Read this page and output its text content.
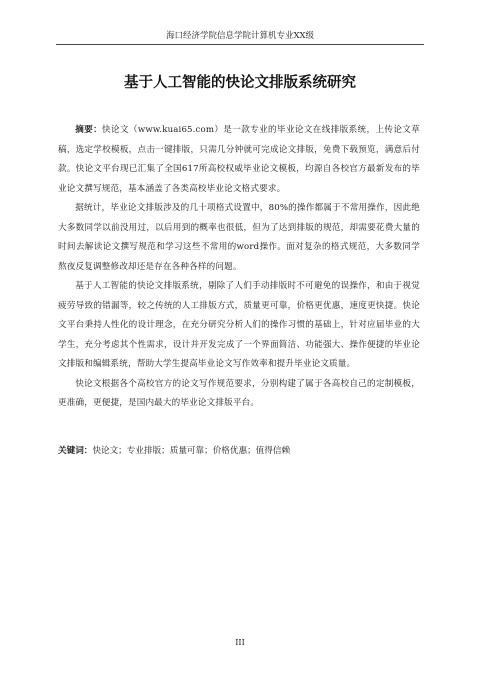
海口经济学院信息学院计算机专业XX级
基于人工智能的快论文排版系统研究

摘要：快论文（www.kuai65.com）是一款专业的毕业论文在线排版系统，上传论文草稿，选定学校模板，点击一键排版，只需几分钟就可完成论文排版，免费下载预览，满意后付款。快论文平台现已汇集了全国617所高校权威毕业论文模板，均源自各校官方最新发布的毕业论文撰写规范，基本涵盖了各类高校毕业论文格式要求。

据统计，毕业论文排版涉及的几十项格式设置中，80%的操作都属于不常用操作，因此绝大多数同学以前没用过，以后用到的概率也很低，但为了达到排版的规范，却需要花费大量的时间去解读论文撰写规范和学习这些不常用的word操作。面对复杂的格式规范，大多数同学熬夜反复调整修改却还是存在各种各样的问题。

基于人工智能的快论文排版系统，剔除了人们手动排版时不可避免的误操作，和由于视觉疲劳导致的错漏等，较之传统的人工排版方式，质量更可靠，价格更优惠，速度更快捷。快论文平台秉持人性化的设计理念，在充分研究分析人们的操作习惯的基础上，针对应届毕业的大学生，充分考虑其个性需求，设计并开发完成了一个界面简洁、功能强大、操作便捷的毕业论文排版和编辑系统，帮助大学生提高毕业论文写作效率和提升毕业论文质量。

快论文根据各个高校官方的论文写作规范要求，分别构建了属于各高校自己的定制模板，更准确，更便捷，是国内最大的毕业论文排版平台。

关键词：快论文；专业排版；质量可靠；价格优惠；值得信赖
III
